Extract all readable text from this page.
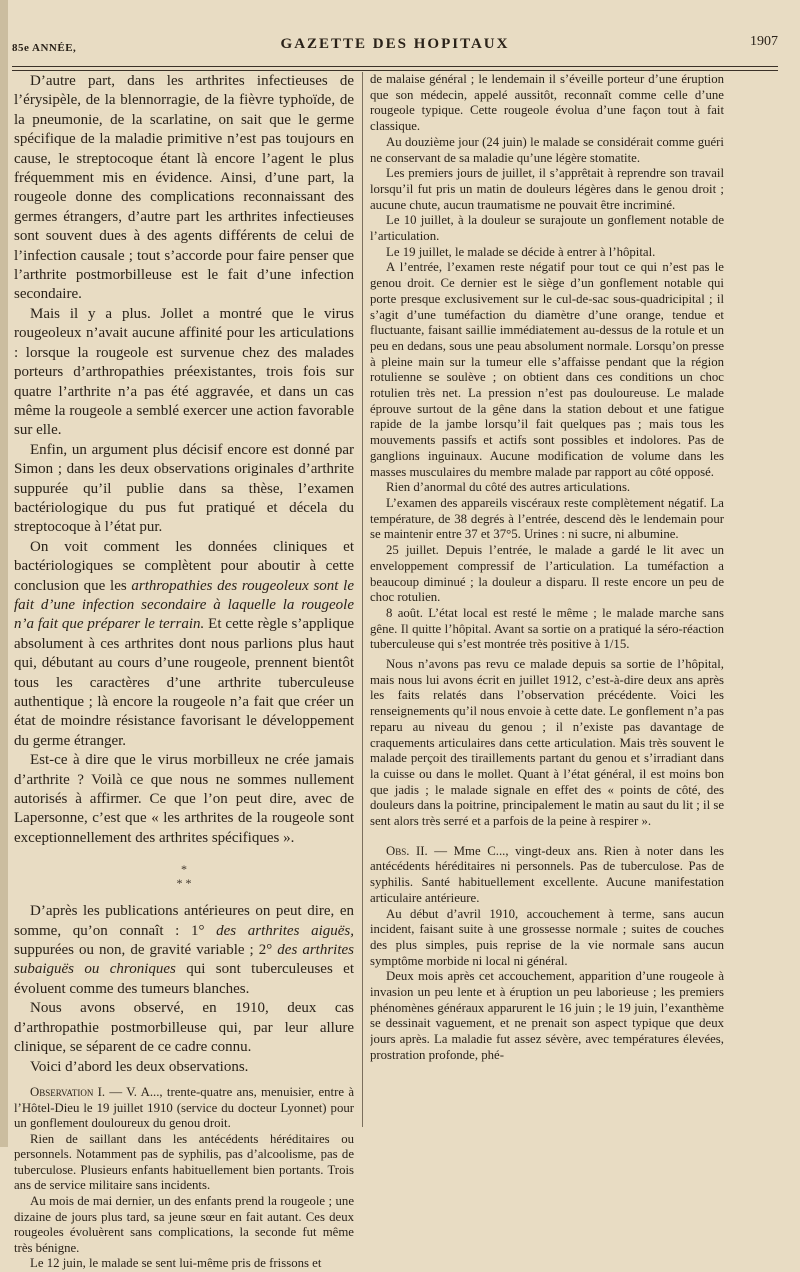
85e ANNÉE,	GAZETTE DES HOPITAUX	1907

D’autre part, dans les arthrites infectieuses de l’érysipèle, de la blennorragie, de la fièvre typhoïde, de la pneumonie, de la scarlatine, on sait que le germe spécifique de la maladie primitive n’est pas toujours en cause, le streptocoque étant là encore l’agent le plus fréquemment mis en évidence. Ainsi, d’une part, la rougeole donne des complications reconnaissant des germes étrangers, d’autre part les arthrites infectieuses sont souvent dues à des agents différents de celui de l’infection causale ; tout s’accorde pour faire penser que l’arthrite postmorbilleuse est le fait d’une infection secondaire.

Mais il y a plus. Jollet a montré que le virus rougeoleux n’avait aucune affinité pour les articulations : lorsque la rougeole est survenue chez des malades porteurs d’arthropathies préexistantes, trois fois sur quatre l’arthrite n’a pas été aggravée, et dans un cas même la rougeole a semblé exercer une action favorable sur elle.

Enfin, un argument plus décisif encore est donné par Simon ; dans les deux observations originales d’arthrite suppurée qu’il publie dans sa thèse, l’examen bactériologique du pus fut pratiqué et décela du streptocoque à l’état pur.

On voit comment les données cliniques et bactériologiques se complètent pour aboutir à cette conclusion que les arthropathies des rougeoleux sont le fait d’une infection secondaire à laquelle la rougeole n’a fait que préparer le terrain. Et cette règle s’applique absolument à ces arthrites dont nous parlions plus haut qui, débutant au cours d’une rougeole, prennent bientôt tous les caractères d’une arthrite tuberculeuse authentique ; là encore la rougeole n’a fait que créer un état de moindre résistance favorisant le développement du germe étranger.

Est-ce à dire que le virus morbilleux ne crée jamais d’arthrite ? Voilà ce que nous ne sommes nullement autorisés à affirmer. Ce que l’on peut dire, avec de Lapersonne, c’est que « les arthrites de la rougeole sont exceptionnellement des arthrites spécifiques ».

*
* *

D’après les publications antérieures on peut dire, en somme, qu’on connaît : 1° des arthrites aiguës, suppurées ou non, de gravité variable ; 2° des arthrites subaiguës ou chroniques qui sont tuberculeuses et évoluent comme des tumeurs blanches.

Nous avons observé, en 1910, deux cas d’arthropathie postmorbilleuse qui, par leur allure clinique, se séparent de ce cadre connu.

Voici d’abord les deux observations.

Observation I. — V. A..., trente-quatre ans, menuisier, entre à l’Hôtel-Dieu le 19 juillet 1910 (service du docteur Lyonnet) pour un gonflement douloureux du genou droit.

Rien de saillant dans les antécédents héréditaires ou personnels. Notamment pas de syphilis, pas d’alcoolisme, pas de tuberculose. Plusieurs enfants habituellement bien portants. Trois ans de service militaire sans incidents.

Au mois de mai dernier, un des enfants prend la rougeole ; une dizaine de jours plus tard, sa jeune sœur en fait autant. Ces deux rougeoles évoluèrent sans complications, la seconde fut même très bénigne.

Le 12 juin, le malade se sent lui-même pris de frissons et

de malaise général ; le lendemain il s’éveille porteur d’une éruption que son médecin, appelé aussitôt, reconnaît comme celle d’une rougeole typique. Cette rougeole évolua d’une façon tout à fait classique.

Au douzième jour (24 juin) le malade se considérait comme guéri ne conservant de sa maladie qu’une légère stomatite.

Les premiers jours de juillet, il s’apprêtait à reprendre son travail lorsqu’il fut pris un matin de douleurs légères dans le genou droit ; aucune chute, aucun traumatisme ne pouvait être incriminé.

Le 10 juillet, à la douleur se surajoute un gonflement notable de l’articulation.

Le 19 juillet, le malade se décide à entrer à l’hôpital.

A l’entrée, l’examen reste négatif pour tout ce qui n’est pas le genou droit. Ce dernier est le siège d’un gonflement notable qui porte presque exclusivement sur le cul-de-sac sous-quadricipital ; il s’agit d’une tuméfaction du diamètre d’une orange, tendue et fluctuante, faisant saillie immédiatement au-dessus de la rotule et un peu en dedans, sous une peau absolument normale. Lorsqu’on presse à pleine main sur la tumeur elle s’affaisse pendant que la région rotulienne se soulève ; on obtient dans ces conditions un choc rotulien très net. La pression n’est pas douloureuse. Le malade éprouve surtout de la gêne dans la station debout et une fatigue rapide de la jambe lorsqu’il fait quelques pas ; mais tous les mouvements passifs et actifs sont possibles et indolores. Pas de ganglions inguinaux. Aucune modification de volume dans les masses musculaires du membre malade par rapport au côté opposé.

Rien d’anormal du côté des autres articulations.

L’examen des appareils viscéraux reste complètement négatif. La température, de 38 degrés à l’entrée, descend dès le lendemain pour se maintenir entre 37 et 37°5. Urines : ni sucre, ni albumine.

25 juillet. Depuis l’entrée, le malade a gardé le lit avec un enveloppement compressif de l’articulation. La tuméfaction a beaucoup diminué ; la douleur a disparu. Il reste encore un peu de choc rotulien.

8 août. L’état local est resté le même ; le malade marche sans gêne. Il quitte l’hôpital. Avant sa sortie on a pratiqué la séro-réaction tuberculeuse qui s’est montrée très positive à 1/15.

Nous n’avons pas revu ce malade depuis sa sortie de l’hôpital, mais nous lui avons écrit en juillet 1912, c’est-à-dire deux ans après les faits relatés dans l’observation précédente. Voici les renseignements qu’il nous envoie à cette date. Le gonflement n’a pas reparu au niveau du genou ; il n’existe pas davantage de craquements articulaires dans cette articulation. Mais très souvent le malade perçoit des tiraillements partant du genou et s’irradiant dans la cuisse ou dans le mollet. Quant à l’état général, il est moins bon que jadis ; le malade signale en effet des « points de côté, des douleurs dans la poitrine, principalement le matin au saut du lit ; il se sent alors très serré et a parfois de la peine à respirer ».

Obs. II. — Mme C..., vingt-deux ans. Rien à noter dans les antécédents héréditaires ni personnels. Pas de tuberculose. Pas de syphilis. Santé habituellement excellente. Aucune manifestation articulaire antérieure.

Au début d’avril 1910, accouchement à terme, sans aucun incident, faisant suite à une grossesse normale ; suites de couches des plus simples, puis reprise de la vie normale sans aucun symptôme morbide ni local ni général.

Deux mois après cet accouchement, apparition d’une rougeole à invasion un peu lente et à éruption un peu laborieuse ; les premiers phénomènes généraux apparurent le 16 juin ; le 19 juin, l’exanthème se dessinait vaguement, et ne prenait son aspect typique que deux jours après. La maladie fut assez sévère, avec températures élevées, prostration profonde, phé-
